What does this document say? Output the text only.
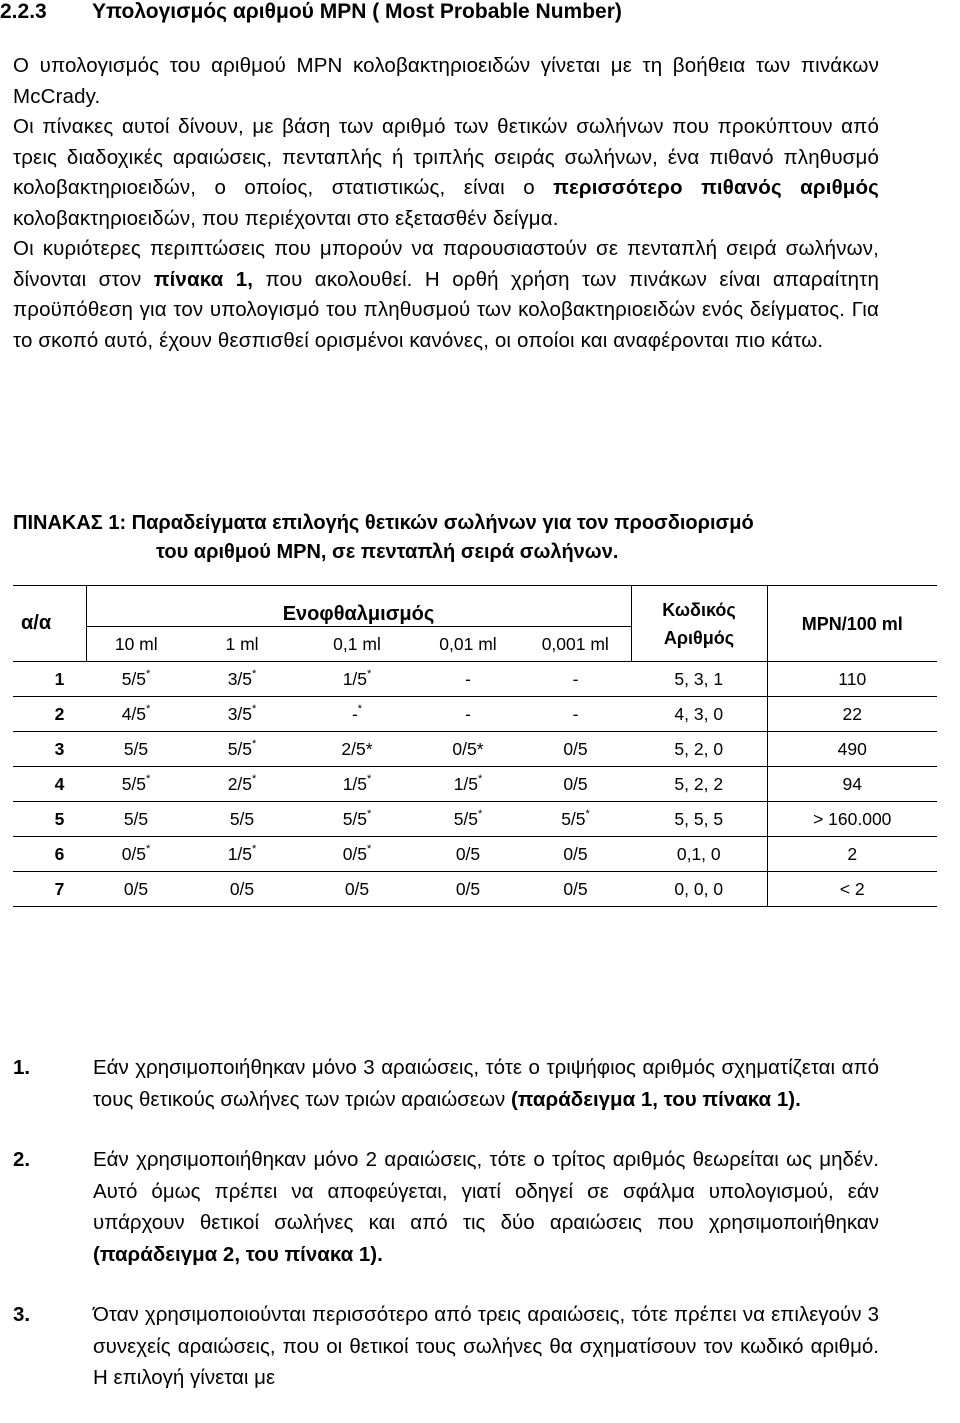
2.2.3 Υπολογισμός αριθμού MPN ( Most Probable Number)

Ο υπολογισμός του αριθμού MPN κολοβακτηριοειδών γίνεται με τη βοήθεια των πινάκων McCrady.

Οι πίνακες αυτοί δίνουν, με βάση των αριθμό των θετικών σωλήνων που προκύπτουν από τρεις διαδοχικές αραιώσεις, πενταπλής ή τριπλής σειράς σωλήνων, ένα πιθανό πληθυσμό κολοβακτηριοειδών, ο οποίος, στατιστικώς, είναι ο περισσότερο πιθανός αριθμός κολοβακτηριοειδών, που περιέχονται στο εξετασθέν δείγμα.

Οι κυριότερες περιπτώσεις που μπορούν να παρουσιαστούν σε πενταπλή σειρά σωλήνων, δίνονται στον πίνακα 1, που ακολουθεί. Η ορθή χρήση των πινάκων είναι απαραίτητη προϋπόθεση για τον υπολογισμό του πληθυσμού των κολοβακτηριοειδών ενός δείγματος. Για το σκοπό αυτό, έχουν θεσπισθεί ορισμένοι κανόνες, οι οποίοι και αναφέρονται πιο κάτω.

ΠΙΝΑΚΑΣ 1: Παραδείγματα επιλογής θετικών σωλήνων για τον προσδιορισμό
του αριθμού MPN, σε πενταπλή σειρά σωλήνων.
α/α	Ενοφθαλμισμός					Κωδικός Αριθμός	MPN/100 ml
	10 ml	1 ml	0,1 ml	0,01 ml	0,001 ml		
1	5/5*	3/5*	1/5*	-	-	5, 3, 1	110
2	4/5*	3/5*	-*	-	-	4, 3, 0	22
3	5/5	5/5*	2/5*	0/5*	0/5	5, 2, 0	490
4	5/5*	2/5*	1/5*	1/5*	0/5	5, 2, 2	94
5	5/5	5/5	5/5*	5/5*	5/5*	5, 5, 5	> 160.000
6	0/5*	1/5*	0/5*	0/5	0/5	0,1, 0	2
7	0/5	0/5	0/5	0/5	0/5	0, 0, 0	< 2
1.	Εάν χρησιμοποιήθηκαν μόνο 3 αραιώσεις, τότε ο τριψήφιος αριθμός σχηματίζεται από τους θετικούς σωλήνες των τριών αραιώσεων (παράδειγμα 1, του πίνακα 1).
2.	Εάν χρησιμοποιήθηκαν μόνο 2 αραιώσεις, τότε ο τρίτος αριθμός θεωρείται ως μηδέν. Αυτό όμως πρέπει να αποφεύγεται, γιατί οδηγεί σε σφάλμα υπολογισμού, εάν υπάρχουν θετικοί σωλήνες και από τις δύο αραιώσεις που χρησιμοποιήθηκαν (παράδειγμα 2, του πίνακα 1).
3.	Όταν χρησιμοποιούνται περισσότερο από τρεις αραιώσεις, τότε πρέπει να επιλεγούν 3 συνεχείς αραιώσεις, που οι θετικοί τους σωλήνες θα σχηματίσουν τον κωδικό αριθμό. Η επιλογή γίνεται με
